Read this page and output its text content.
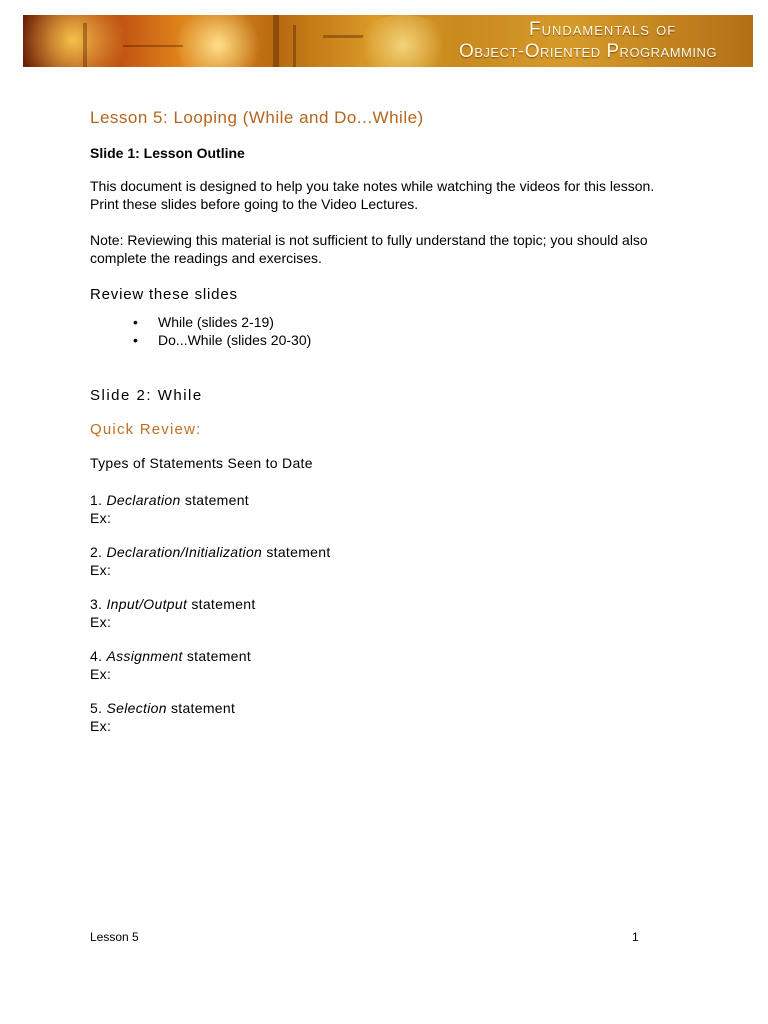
Fundamentals of
Object-Oriented Programming
Lesson 5: Looping (While and Do...While)
Slide 1: Lesson Outline
This document is designed to help you take notes while watching the videos for this lesson. Print these slides before going to the Video Lectures.
Note: Reviewing this material is not sufficient to fully understand the topic; you should also complete the readings and exercises.
Review these slides
• While (slides 2-19)
• Do...While (slides 20-30)
Slide 2: While
Quick Review:
Types of Statements Seen to Date
1. Declaration statement
Ex:
2. Declaration/Initialization statement
Ex:
3. Input/Output statement
Ex:
4. Assignment statement
Ex:
5. Selection statement
Ex:
Lesson 5	1
